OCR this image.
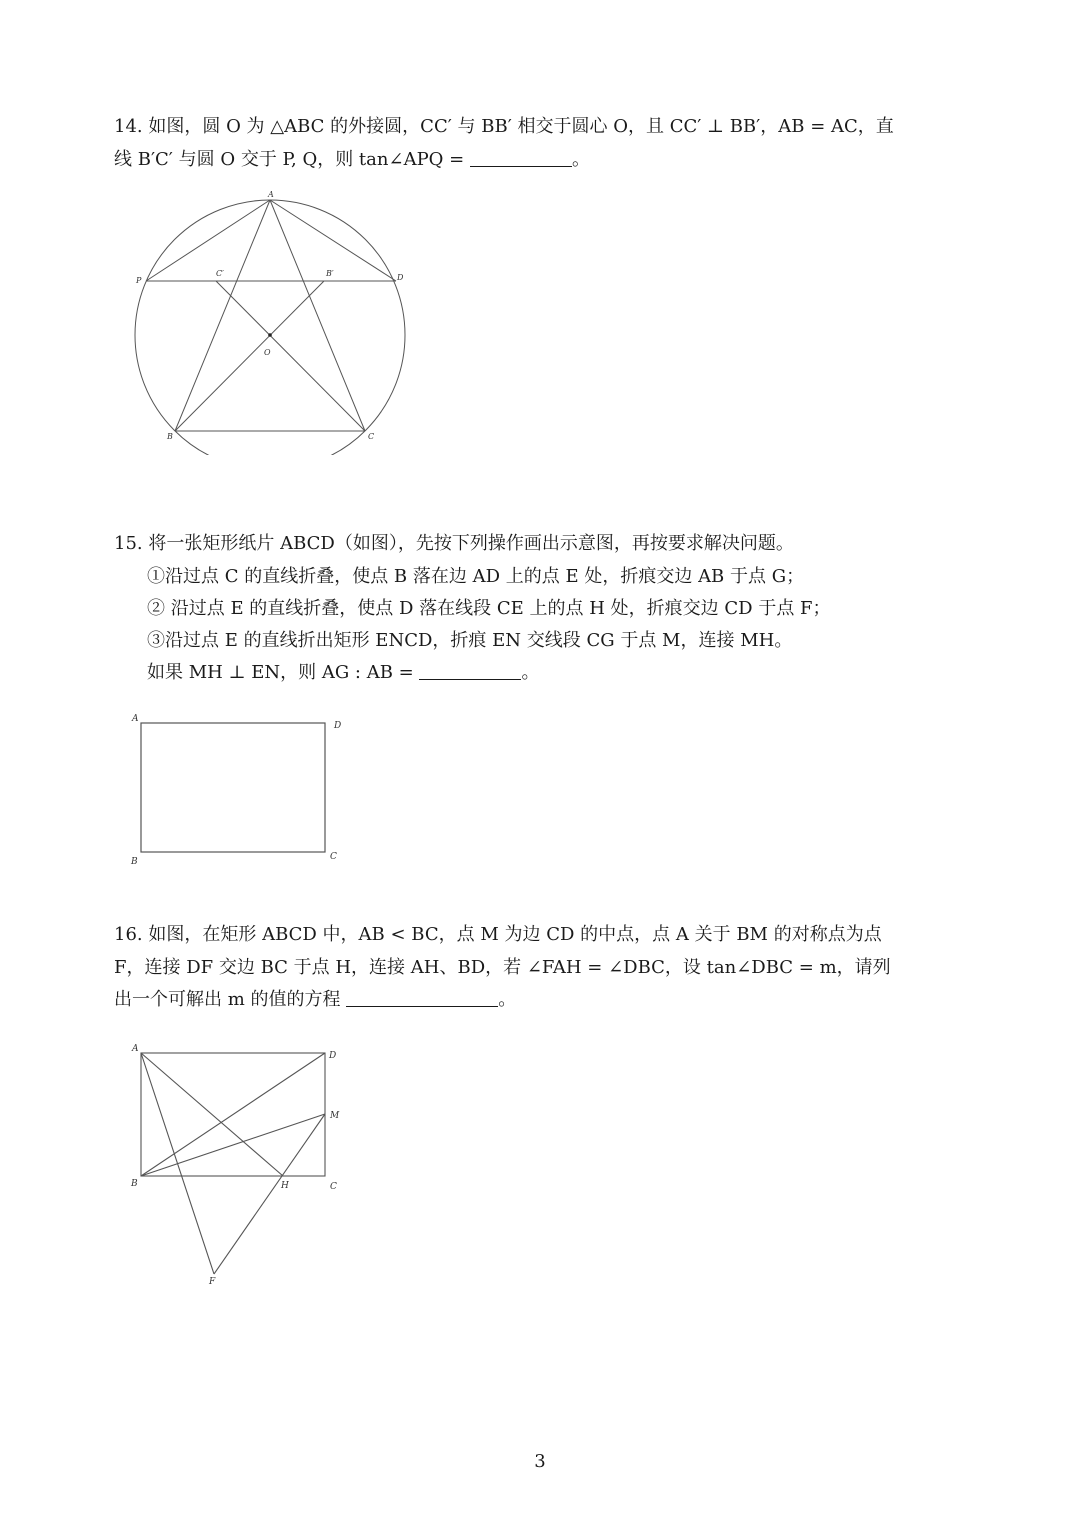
14. 如图，圆 O 为 △ABC 的外接圆，CC′ 与 BB′ 相交于圆心 O，且 CC′ ⊥ BB′，AB = AC，直
线 B′C′ 与圆 O 交于 P, Q，则 tan∠APQ =	。
A
P
C′	B′	D
O
B	C
15. 将一张矩形纸片 ABCD（如图），先按下列操作画出示意图，再按要求解决问题。
①沿过点 C 的直线折叠，使点 B 落在边 AD 上的点 E 处，折痕交边 AB 于点 G；
② 沿过点 E 的直线折叠，使点 D 落在线段 CE 上的点 H 处，折痕交边 CD 于点 F；
③沿过点 E 的直线折出矩形 ENCD，折痕 EN 交线段 CG 于点 M，连接 MH。
如果 MH ⊥ EN，则 AG : AB =	。
A
D
B	C
16. 如图，在矩形 ABCD 中，AB < BC，点 M 为边 CD 的中点，点 A 关于 BM 的对称点为点
F，连接 DF 交边 BC 于点 H，连接 AH、BD，若 ∠FAH = ∠DBC，设 tan∠DBC = m，请列
出一个可解出 m 的值的方程	。
A
D
M
B	H	C
F
3
